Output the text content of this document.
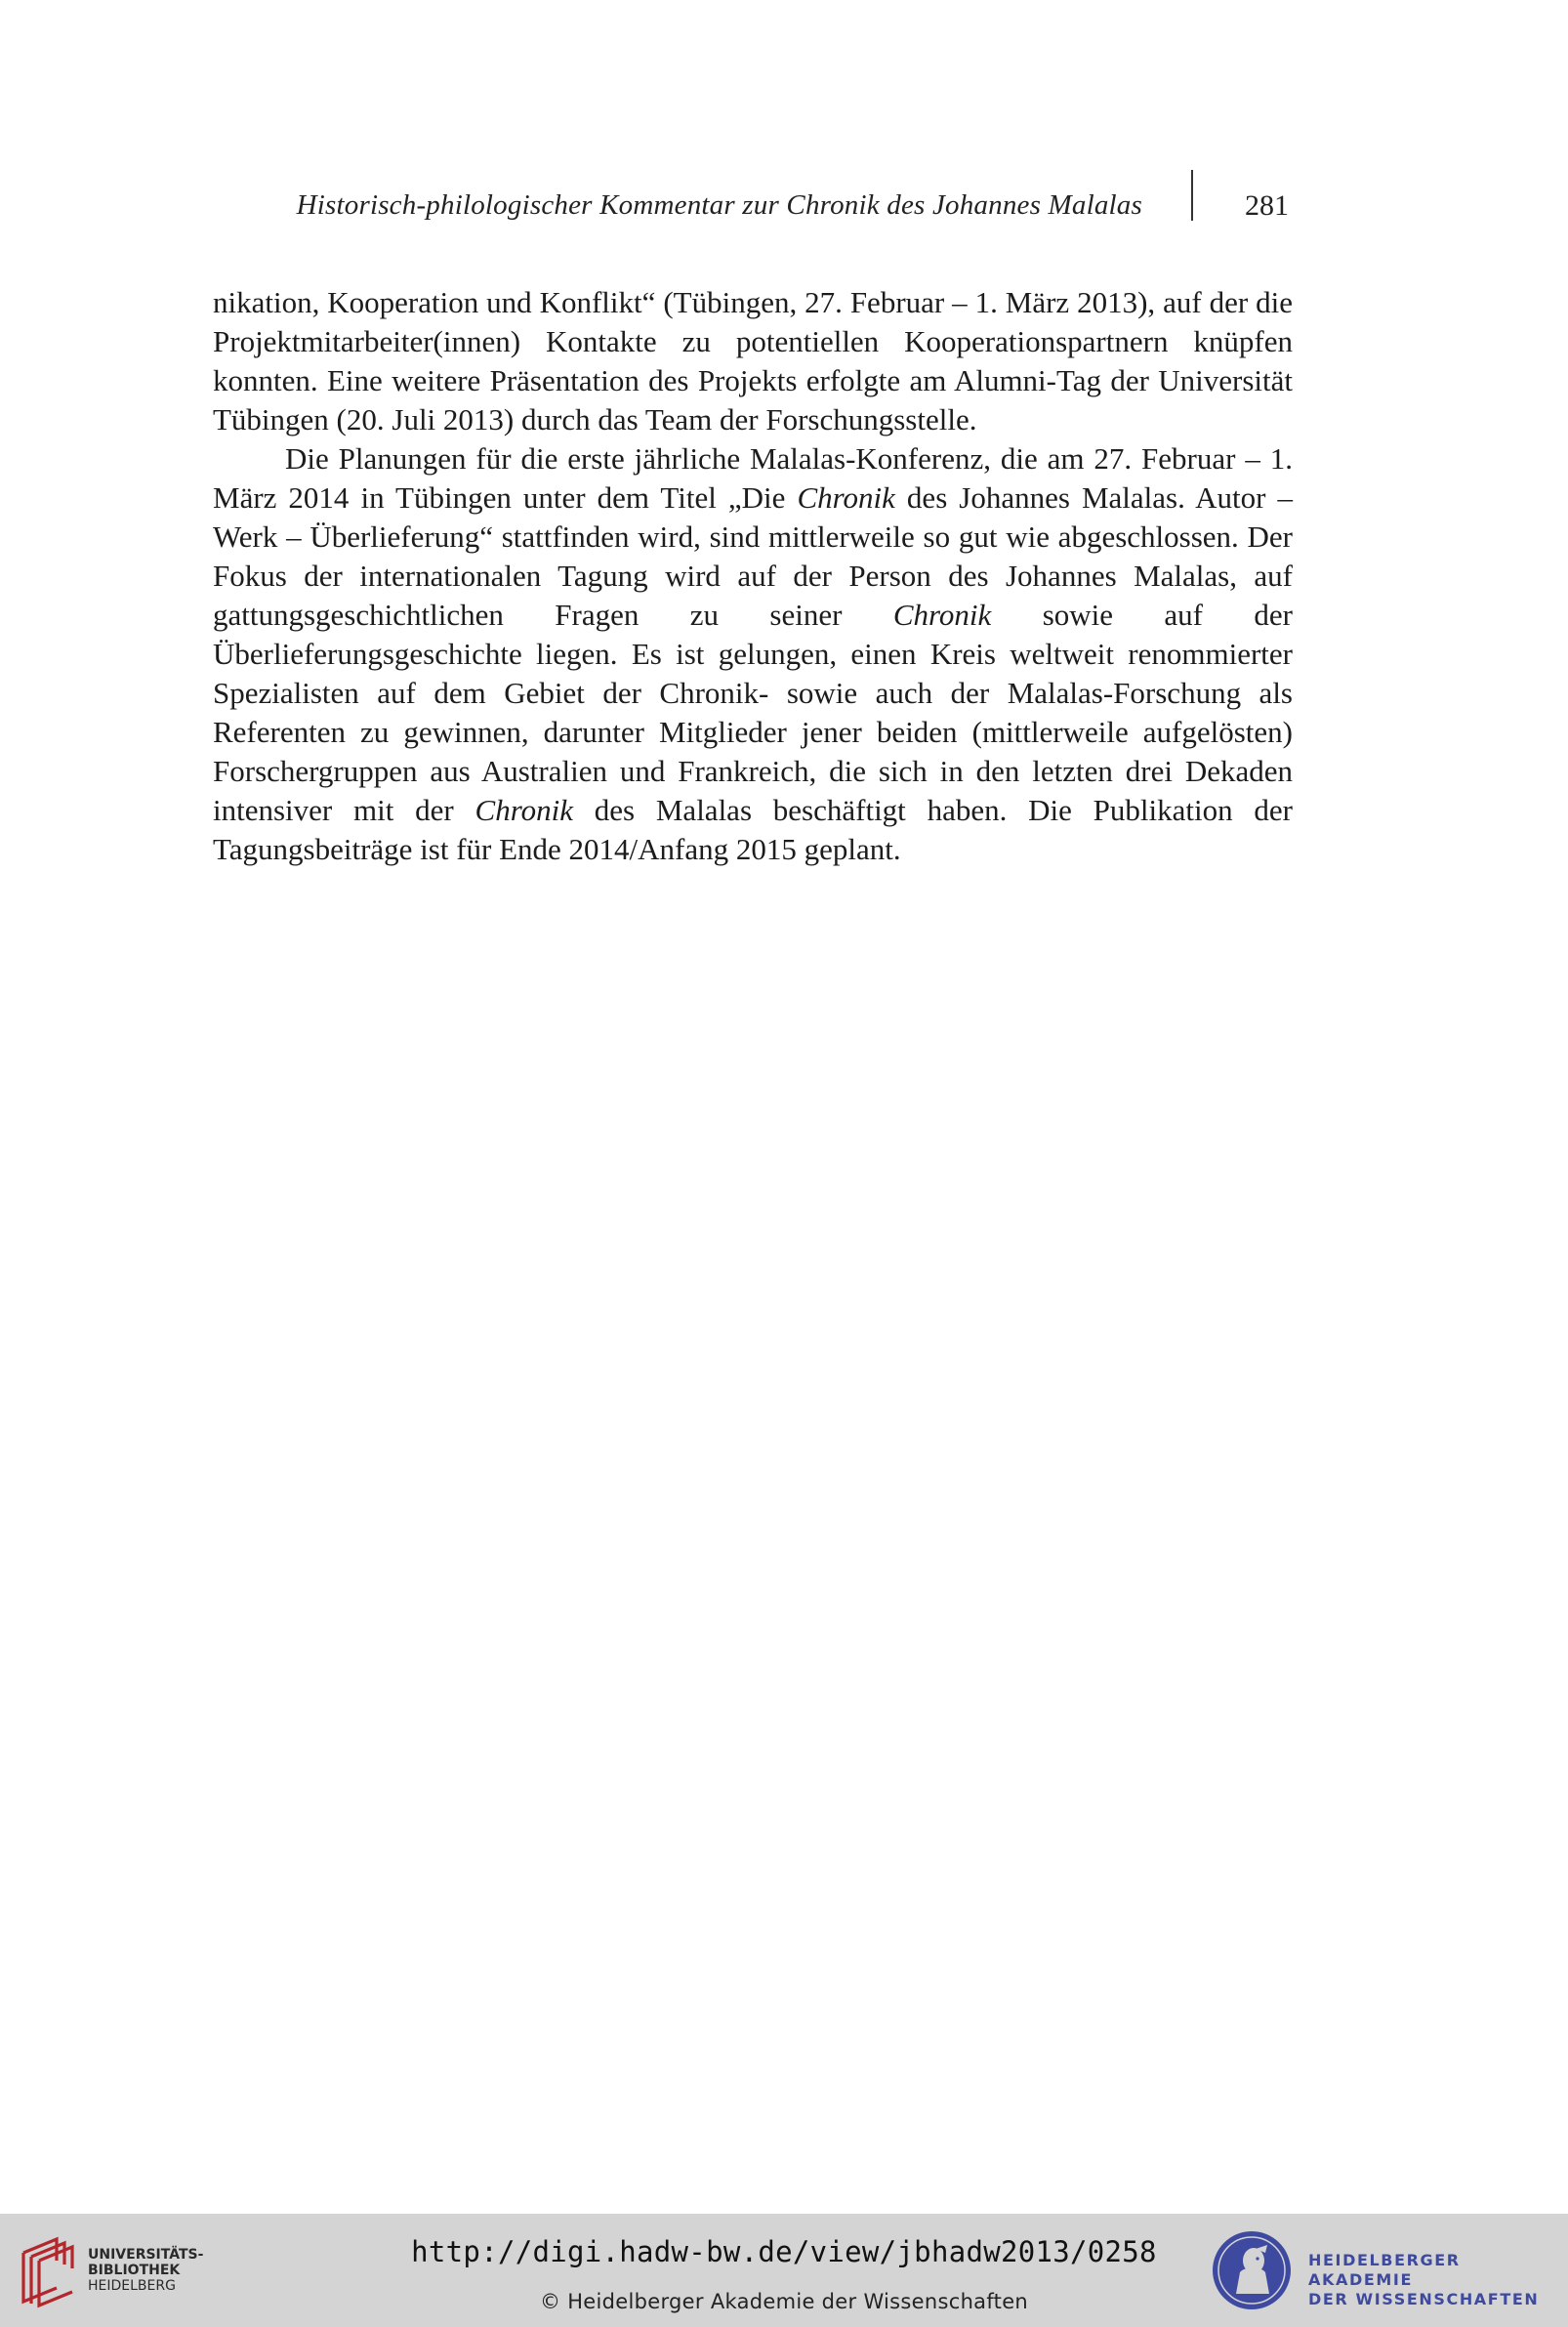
Historisch-philologischer Kommentar zur Chronik des Johannes Malalas	281

nikation, Kooperation und Konflikt“ (Tübingen, 27. Februar – 1. März 2013), auf der die Projektmitarbeiter(innen) Kontakte zu potentiellen Kooperationspartnern knüpfen konnten. Eine weitere Präsentation des Projekts erfolgte am Alumni-Tag der Universität Tübingen (20. Juli 2013) durch das Team der Forschungsstelle.

Die Planungen für die erste jährliche Malalas-Konferenz, die am 27. Februar – 1. März 2014 in Tübingen unter dem Titel „Die Chronik des Johannes Malalas. Autor – Werk – Überlieferung“ stattfinden wird, sind mittlerweile so gut wie abgeschlossen. Der Fokus der internationalen Tagung wird auf der Person des Johannes Malalas, auf gattungsgeschichtlichen Fragen zu seiner Chronik sowie auf der Überlieferungsgeschichte liegen. Es ist gelungen, einen Kreis weltweit renommierter Spezialisten auf dem Gebiet der Chronik- sowie auch der Malalas-Forschung als Referenten zu gewinnen, darunter Mitglieder jener beiden (mittlerweile aufgelösten) Forschergruppen aus Australien und Frankreich, die sich in den letzten drei Dekaden intensiver mit der Chronik des Malalas beschäftigt haben. Die Publikation der Tagungsbeiträge ist für Ende 2014/Anfang 2015 geplant.

UNIVERSITÄTS-
BIBLIOTHEK
HEIDELBERG
http://digi.hadw-bw.de/view/jbhadw2013/0258
© Heidelberger Akademie der Wissenschaften
HEIDELBERGER AKADEMIE
DER WISSENSCHAFTEN
